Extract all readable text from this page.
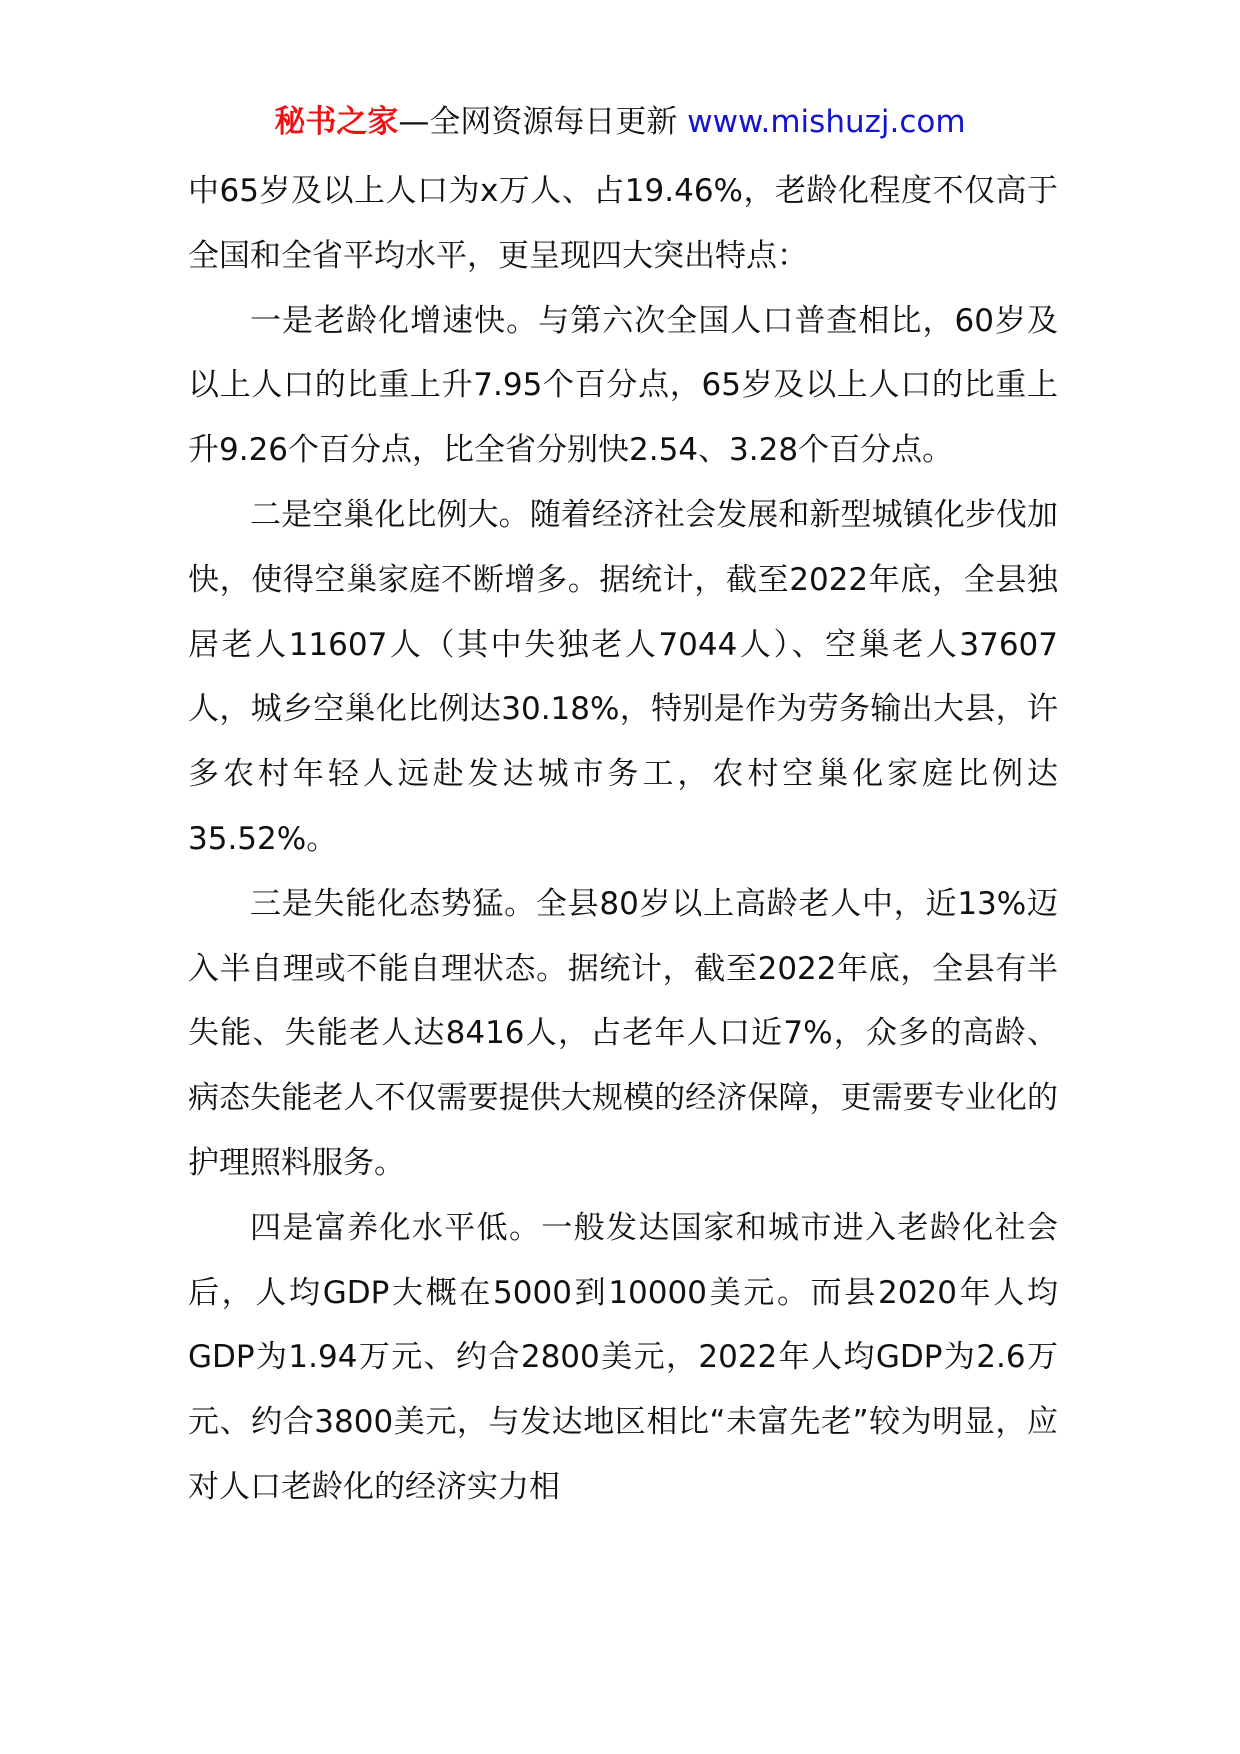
秘书之家—全网资源每日更新 www.mishuzj.com

中65岁及以上人口为x万人、占19.46%，老龄化程度不仅高于全国和全省平均水平，更呈现四大突出特点：

一是老龄化增速快。与第六次全国人口普查相比，60岁及以上人口的比重上升7.95个百分点，65岁及以上人口的比重上升9.26个百分点，比全省分别快2.54、3.28个百分点。

二是空巢化比例大。随着经济社会发展和新型城镇化步伐加快，使得空巢家庭不断增多。据统计，截至2022年底，全县独居老人11607人（其中失独老人7044人）、空巢老人37607人，城乡空巢化比例达30.18%，特别是作为劳务输出大县，许多农村年轻人远赴发达城市务工，农村空巢化家庭比例达35.52%。

三是失能化态势猛。全县80岁以上高龄老人中，近13%迈入半自理或不能自理状态。据统计，截至2022年底，全县有半失能、失能老人达8416人，占老年人口近7%，众多的高龄、病态失能老人不仅需要提供大规模的经济保障，更需要专业化的护理照料服务。

四是富养化水平低。一般发达国家和城市进入老龄化社会后，人均GDP大概在5000到10000美元。而县2020年人均GDP为1.94万元、约合2800美元，2022年人均GDP为2.6万元、约合3800美元，与发达地区相比“未富先老”较为明显，应对人口老龄化的经济实力相
